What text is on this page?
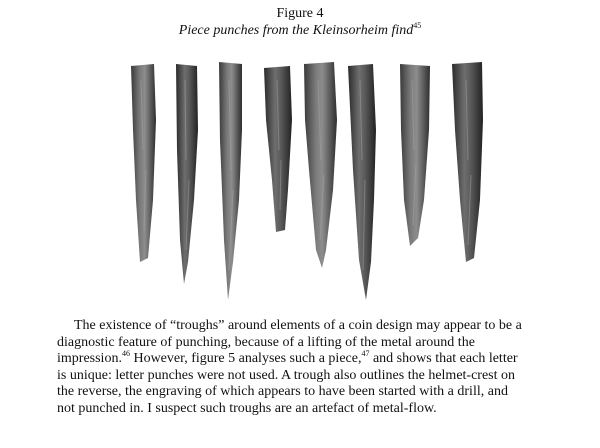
Figure 4
Piece punches from the Kleinsorheim find$^{45}$
The existence of “troughs” around elements of a coin design may appear to be a
diagnostic feature of punching, because of a lifting of the metal around the
impression.$^{46}$ However, figure 5 analyses such a piece,$^{47}$ and shows that each letter
is unique: letter punches were not used. A trough also outlines the helmet-crest on
the reverse, the engraving of which appears to have been started with a drill, and
not punched in. I suspect such troughs are an artefact of metal-flow.
